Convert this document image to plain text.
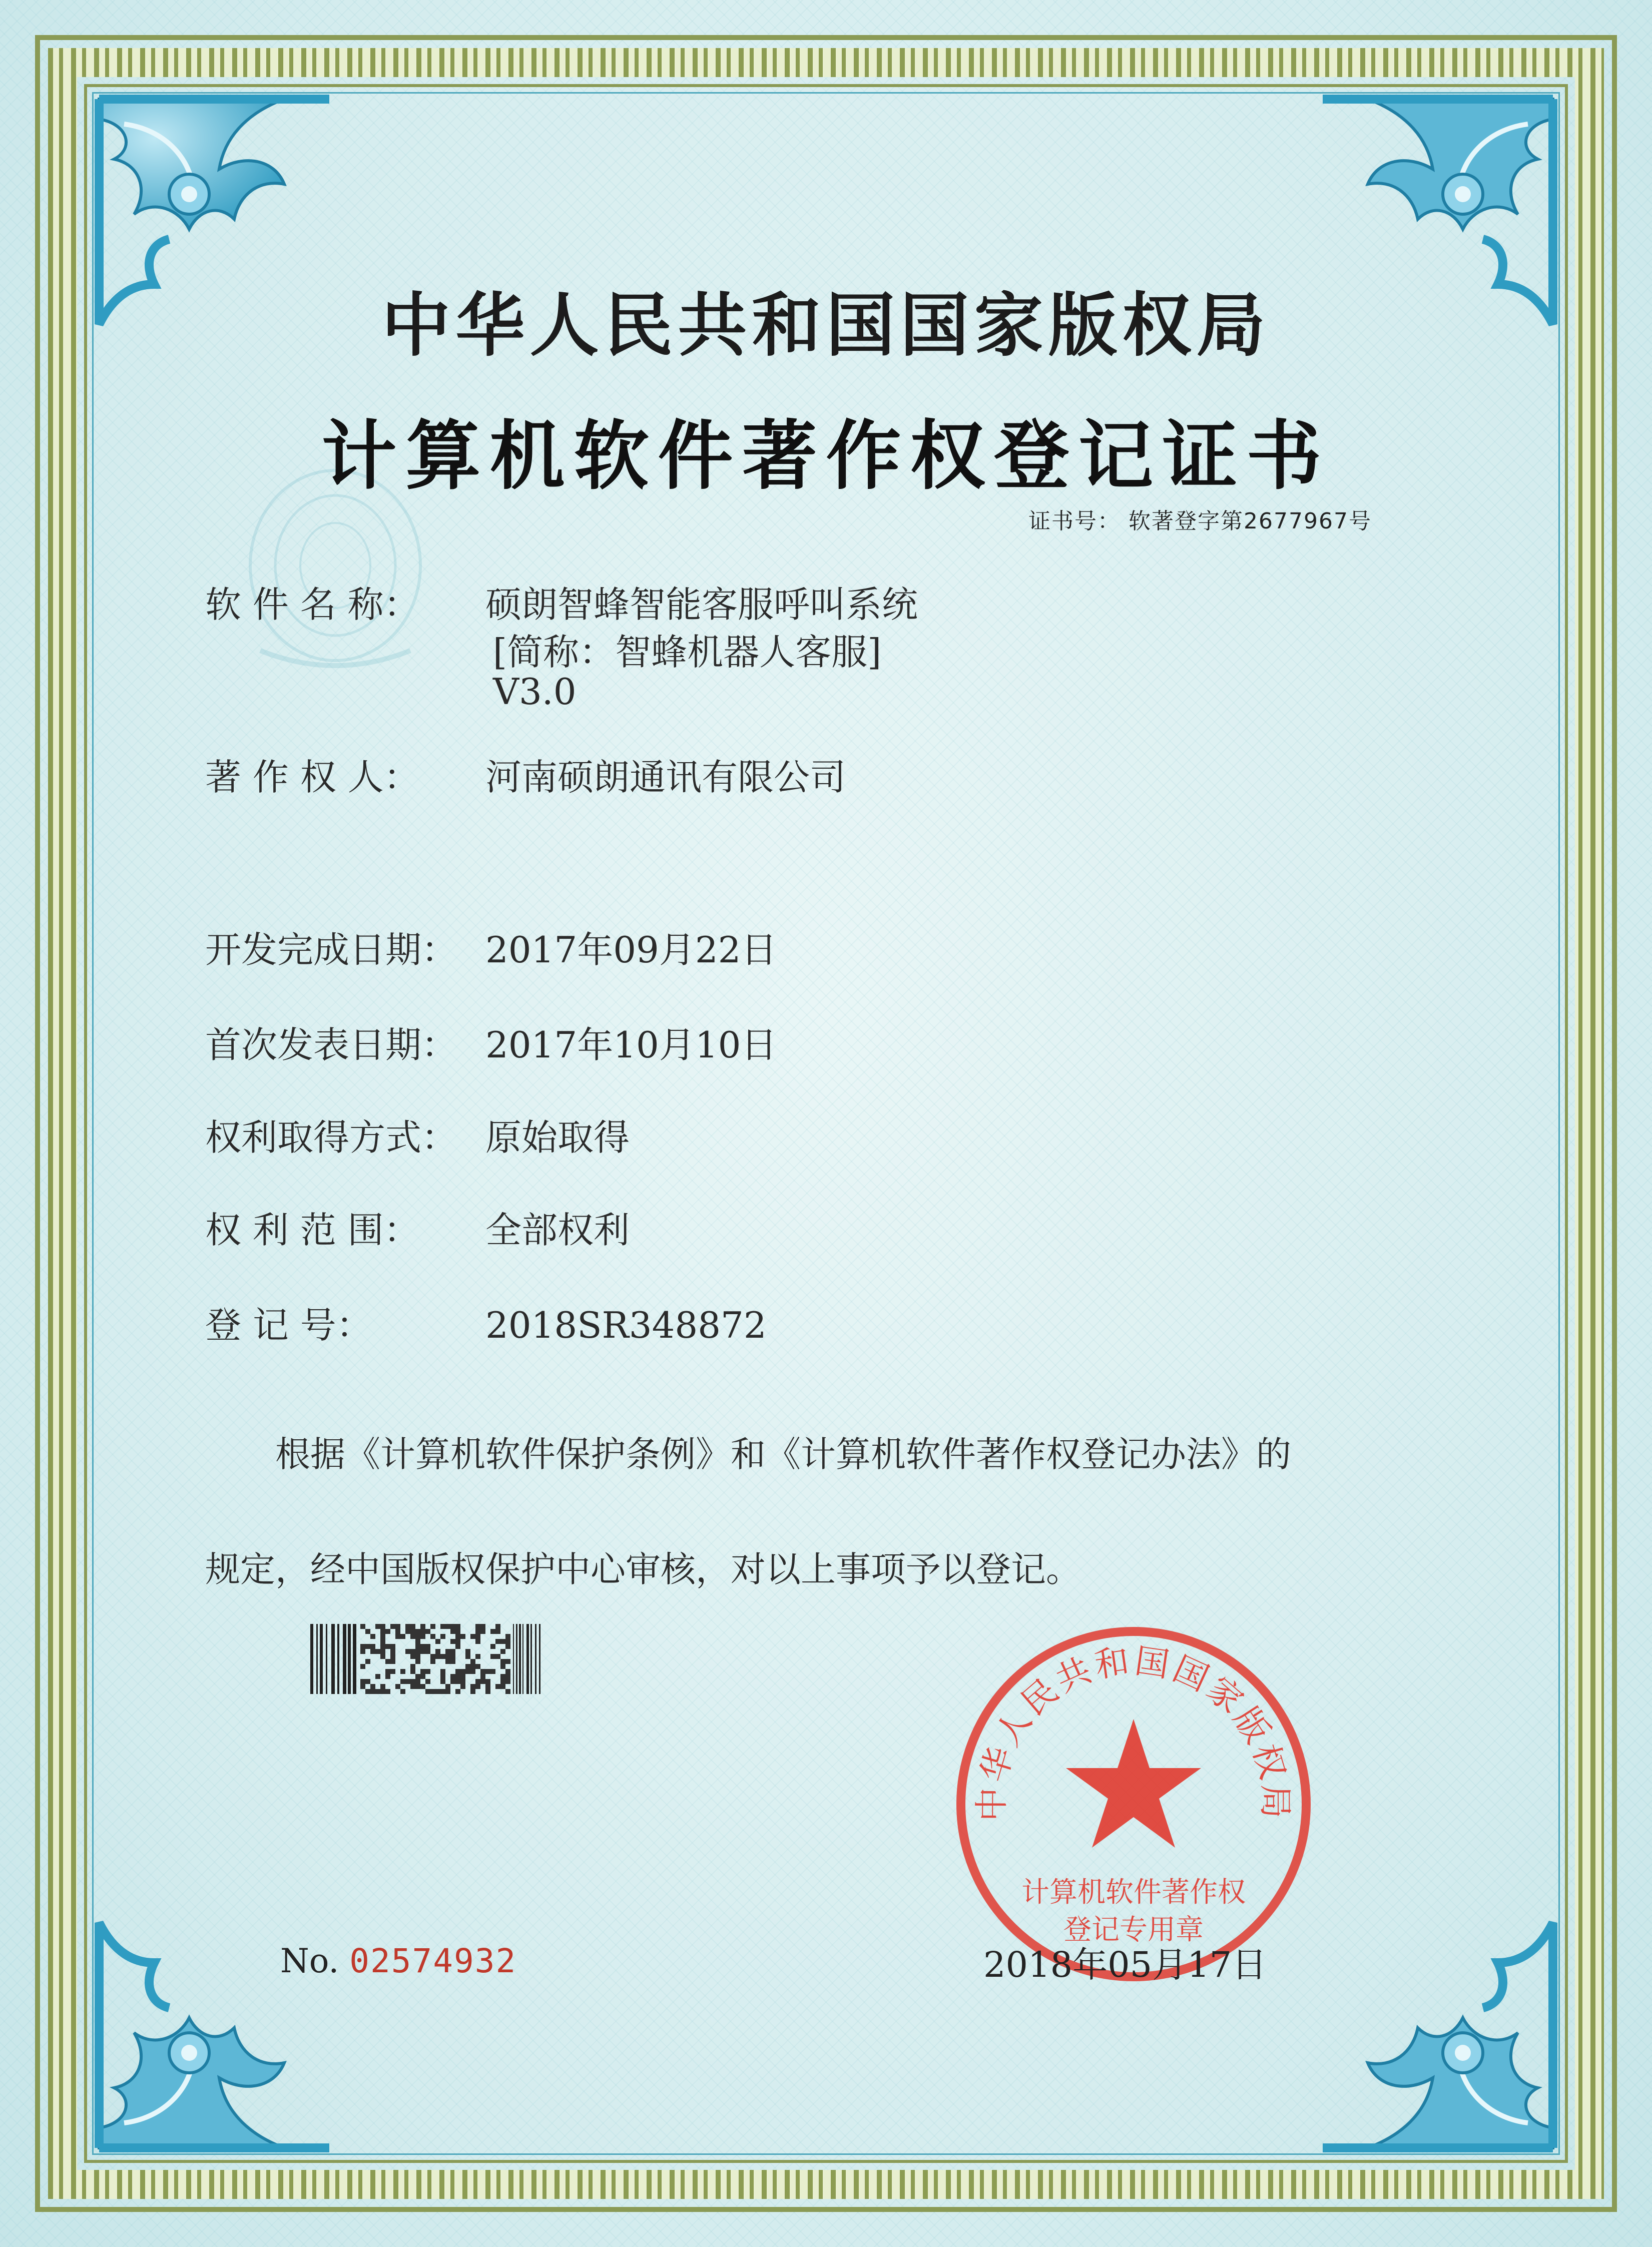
中华人民共和国国家版权局
计算机软件著作权登记证书
证书号： 软著登字第2677967号
软 件 名 称： 硕朗智蜂智能客服呼叫系统
[简称：智蜂机器人客服]
V3.0
著 作 权 人： 河南硕朗通讯有限公司
开发完成日期： 2017年09月22日
首次发表日期： 2017年10月10日
权利取得方式： 原始取得
权 利 范 围： 全部权利
登 记 号：	2018SR348872
根据《计算机软件保护条例》和《计算机软件著作权登记办法》的
规定，经中国版权保护中心审核，对以上事项予以登记。
No. 02574932
中华人民共和国国家版权局
计算机软件著作权
登记专用章
2018年05月17日
